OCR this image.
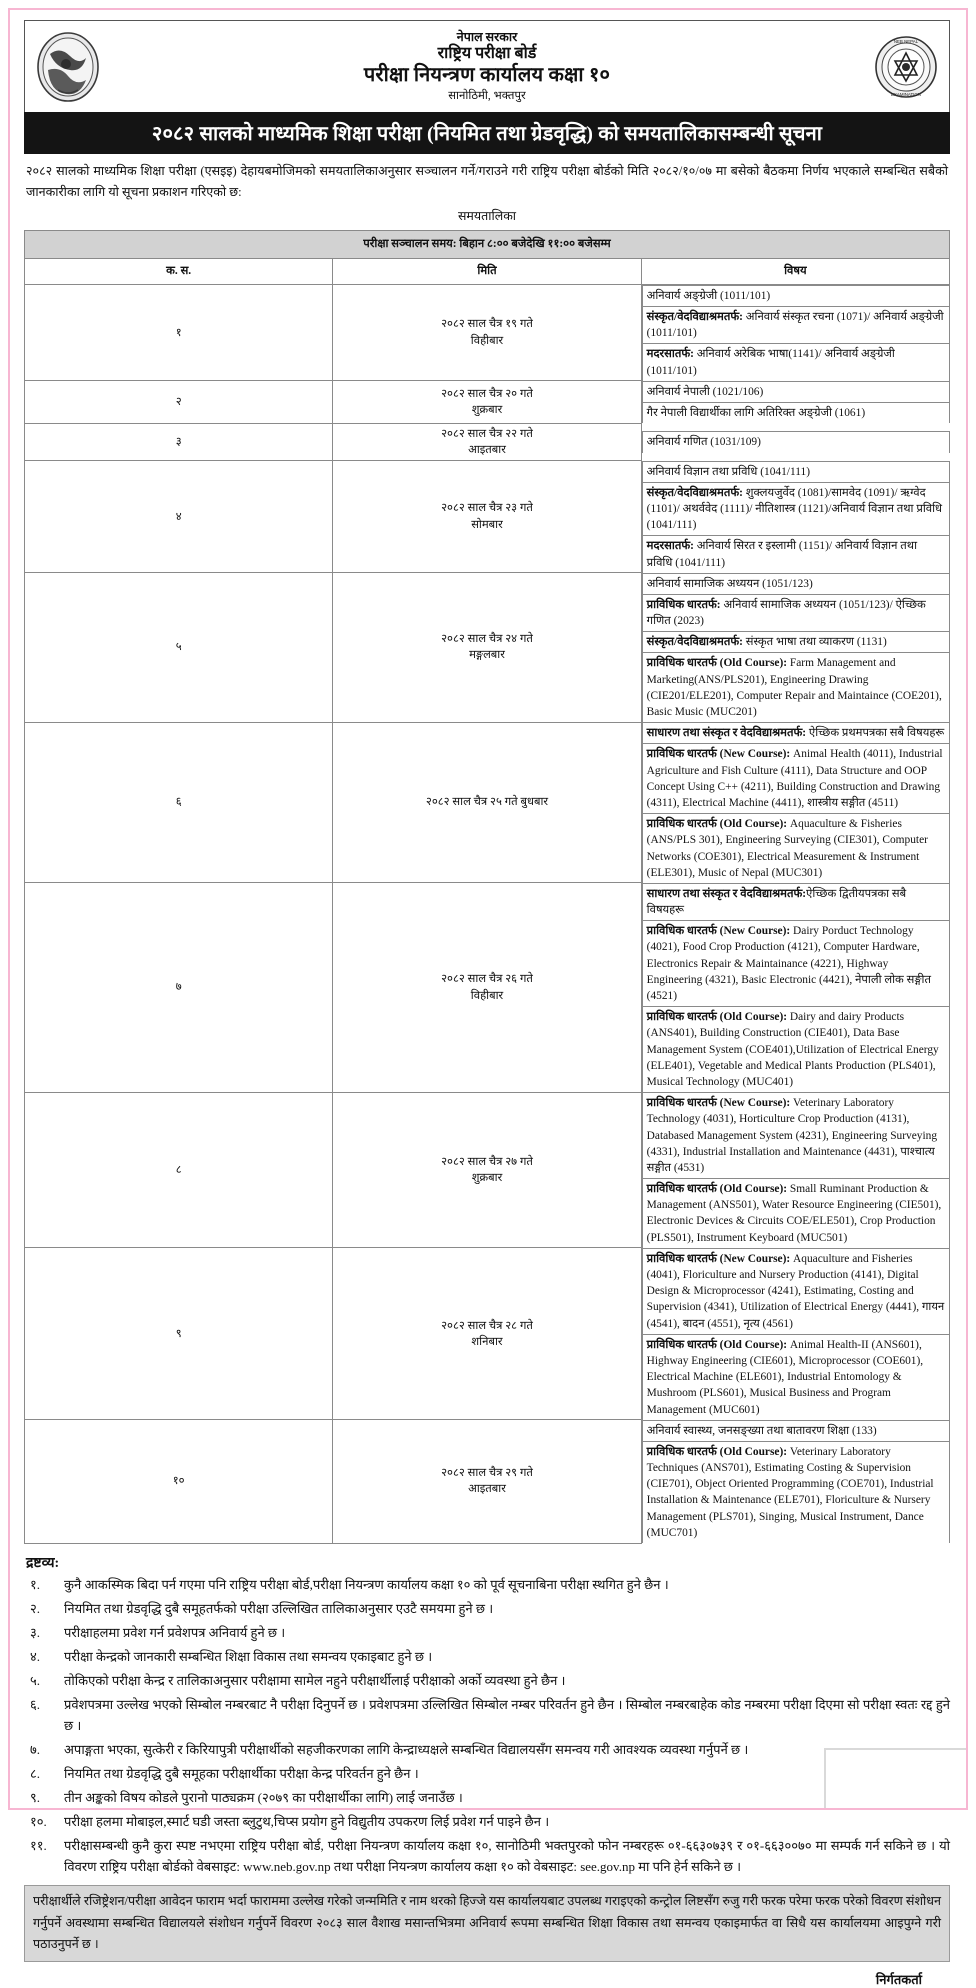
नेपाल सरकार
राष्ट्रिय परीक्षा बोर्ड
परीक्षा नियन्त्रण कार्यालय कक्षा १०
सानोठिमी, भक्तपुर
NEB NEPAL
EXAMINATION
२०८२ सालको माध्यमिक शिक्षा परीक्षा (नियमित तथा ग्रेडवृद्धि) को समयतालिकासम्बन्धी सूचना
२०८२ सालको माध्यमिक शिक्षा परीक्षा (एसइइ) देहायबमोजिमको समयतालिकाअनुसार सञ्चालन गर्ने/गराउने गरी राष्ट्रिय परीक्षा बोर्डको मिति २०८२/१०/०७ मा बसेको बैठकमा निर्णय भएकाले सम्बन्धित सबैको जानकारीका लागि यो सूचना प्रकाशन गरिएको छ:
समयतालिका
परीक्षा सञ्चालन समय: बिहान ८:०० बजेदेखि ११:०० बजेसम्म
क. स.	मिति	विषय
१	२०८२ साल चैत्र १९ गते
विहीबार	
अनिवार्य अङ्ग्रेजी (1011/101)
संस्कृत/वेदविद्याश्रमतर्फ: अनिवार्य संस्कृत रचना (1071)/ अनिवार्य अङ्ग्रेजी (1011/101)
मदरसातर्फ: अनिवार्य अरेबिक भाषा(1141)/ अनिवार्य अङ्ग्रेजी (1011/101)

२	२०८२ साल चैत्र २० गते
शुक्रबार	
अनिवार्य नेपाली (1021/106)
गैर नेपाली विद्यार्थीका लागि अतिरिक्त अङ्ग्रेजी (1061)

३	२०८२ साल चैत्र २२ गते
आइतबार	
अनिवार्य गणित (1031/109)

४	२०८२ साल चैत्र २३ गते
सोमबार	
अनिवार्य विज्ञान तथा प्रविधि (1041/111)
संस्कृत/वेदविद्याश्रमतर्फ: शुक्लयजुर्वेद (1081)/सामवेद (1091)/ ऋग्वेद (1101)/ अथर्ववेद (1111)/ नीतिशास्त्र (1121)/अनिवार्य विज्ञान तथा प्रविधि (1041/111)
मदरसातर्फ: अनिवार्य सिरत र इस्लामी (1151)/ अनिवार्य विज्ञान तथा प्रविधि (1041/111)

५	२०८२ साल चैत्र २४ गते
मङ्गलबार	
अनिवार्य सामाजिक अध्ययन (1051/123)
प्राविधिक धारतर्फ: अनिवार्य सामाजिक अध्ययन (1051/123)/ ऐच्छिक गणित (2023)
संस्कृत/वेदविद्याश्रमतर्फ: संस्कृत भाषा तथा व्याकरण (1131)
प्राविधिक धारतर्फ (Old Course): Farm Management and Marketing(ANS/PLS201), Engineering Drawing (CIE201/ELE201), Computer Repair and Maintaince (COE201), Basic Music (MUC201)

६	२०८२ साल चैत्र २५ गते बुधबार	
साधारण तथा संस्कृत र वेदविद्याश्रमतर्फ: ऐच्छिक प्रथमपत्रका सबै विषयहरू
प्राविधिक धारतर्फ (New Course): Animal Health (4011), Industrial Agriculture and Fish Culture (4111), Data Structure and OOP Concept Using C++ (4211), Building Construction and Drawing (4311), Electrical Machine (4411), शास्त्रीय सङ्गीत (4511)
प्राविधिक धारतर्फ (Old Course): Aquaculture & Fisheries (ANS/PLS 301), Engineering Surveying (CIE301), Computer Networks (COE301), Electrical Measurement & Instrument (ELE301), Music of Nepal (MUC301)

७	२०८२ साल चैत्र २६ गते
विहीबार	
साधारण तथा संस्कृत र वेदविद्याश्रमतर्फ:ऐच्छिक द्वितीयपत्रका सबै विषयहरू
प्राविधिक धारतर्फ (New Course): Dairy Porduct Technology (4021), Food Crop Production (4121), Computer Hardware, Electronics Repair & Maintainance (4221), Highway Engineering (4321), Basic Electronic (4421), नेपाली लोक सङ्गीत (4521)
प्राविधिक धारतर्फ (Old Course): Dairy and dairy Products (ANS401), Building Construction (CIE401), Data Base Management System (COE401),Utilization of Electrical Energy (ELE401), Vegetable and Medical Plants Production (PLS401), Musical Technology (MUC401)

८	२०८२ साल चैत्र २७ गते
शुक्रबार	
प्राविधिक धारतर्फ (New Course): Veterinary Laboratory Technology (4031), Horticulture Crop Production (4131), Databased Management System (4231), Engineering Surveying (4331), Industrial Installation and Maintenance (4431), पाश्चात्य सङ्गीत (4531)
प्राविधिक धारतर्फ (Old Course): Small Ruminant Production & Management (ANS501), Water Resource Engineering (CIE501), Electronic Devices & Circuits COE/ELE501), Crop Production (PLS501), Instrument Keyboard (MUC501)

९	२०८२ साल चैत्र २८ गते
शनिबार	
प्राविधिक धारतर्फ (New Course): Aquaculture and Fisheries (4041), Floriculture and Nursery Production (4141), Digital Design & Microprocessor (4241), Estimating, Costing and Supervision (4341), Utilization of Electrical Energy (4441), गायन (4541), बादन (4551), नृत्य (4561)
प्राविधिक धारतर्फ (Old Course): Animal Health-II (ANS601), Highway Engineering (CIE601), Microprocessor (COE601), Electrical Machine (ELE601), Industrial Entomology & Mushroom (PLS601), Musical Business and Program Management (MUC601)

१०	२०८२ साल चैत्र २९ गते
आइतबार	
अनिवार्य स्वास्थ्य, जनसङ्ख्या तथा बातावरण शिक्षा (133)
प्राविधिक धारतर्फ (Old Course): Veterinary Laboratory Techniques (ANS701), Estimating Costing & Supervision (CIE701), Object Oriented Programming (COE701), Industrial Installation & Maintenance (ELE701), Floriculture & Nursery Management (PLS701), Singing, Musical Instrument, Dance (MUC701)
द्रष्टव्य:
१.	कुनै आकस्मिक बिदा पर्न गएमा पनि राष्ट्रिय परीक्षा बोर्ड,परीक्षा नियन्त्रण कार्यालय कक्षा १० को पूर्व सूचनाबिना परीक्षा स्थगित हुने छैन ।
२.	नियमित तथा ग्रेडवृद्धि दुबै समूहतर्फको परीक्षा उल्लिखित तालिकाअनुसार एउटै समयमा हुने छ ।
३.	परीक्षाहलमा प्रवेश गर्न प्रवेशपत्र अनिवार्य हुने छ ।
४.	परीक्षा केन्द्रको जानकारी सम्बन्धित शिक्षा विकास तथा समन्वय एकाइबाट हुने छ ।
५.	तोकिएको परीक्षा केन्द्र र तालिकाअनुसार परीक्षामा सामेल नहुने परीक्षार्थीलाई परीक्षाको अर्को व्यवस्था हुने छैन ।
६.	प्रवेशपत्रमा उल्लेख भएको सिम्बोल नम्बरबाट नै परीक्षा दिनुपर्ने छ । प्रवेशपत्रमा उल्लिखित सिम्बोल नम्बर परिवर्तन हुने छैन । सिम्बोल नम्बरबाहेक कोड नम्बरमा परीक्षा दिएमा सो परीक्षा स्वतः रद्द हुने छ ।
७.	अपाङ्गता भएका, सुत्केरी र किरियापुत्री परीक्षार्थीको सहजीकरणका लागि केन्द्राध्यक्षले सम्बन्धित विद्यालयसँग समन्वय गरी आवश्यक व्यवस्था गर्नुपर्ने छ ।
८.	नियमित तथा ग्रेडवृद्धि दुबै समूहका परीक्षार्थीका परीक्षा केन्द्र परिवर्तन हुने छैन ।
९.	तीन अङ्कको विषय कोडले पुरानो पाठ्यक्रम (२०७९ का परीक्षार्थीका लागि) लाई जनाउँछ ।
१०.	परीक्षा हलमा मोबाइल,स्मार्ट घडी जस्ता ब्लुटुथ,चिप्स प्रयोग हुने विद्युतीय उपकरण लिई प्रवेश गर्न पाइने छैन ।
११.	परीक्षासम्बन्धी कुनै कुरा स्पष्ट नभएमा राष्ट्रिय परीक्षा बोर्ड, परीक्षा नियन्त्रण कार्यालय कक्षा १०, सानोठिमी भक्तपुरको फोन नम्बरहरू ०१-६६३०७३९ र ०१-६६३००७० मा सम्पर्क गर्न सकिने छ । यो विवरण राष्ट्रिय परीक्षा बोर्डको वेबसाइट: www.neb.gov.np तथा परीक्षा नियन्त्रण कार्यालय कक्षा १० को वेबसाइट: see.gov.np मा पनि हेर्न सकिने छ ।
परीक्षार्थीले रजिष्ट्रेशन/परीक्षा आवेदन फाराम भर्दा फाराममा उल्लेख गरेको जन्ममिति र नाम थरको हिज्जे यस कार्यालयबाट उपलब्ध गराइएको कन्ट्रोल लिष्टसँग रुजु गरी फरक परेमा फरक परेको विवरण संशोधन गर्नुपर्ने अवस्थामा सम्बन्धित विद्यालयले संशोधन गर्नुपर्ने विवरण २०८३ साल वैशाख मसान्तभित्रमा अनिवार्य रूपमा सम्बन्धित शिक्षा विकास तथा समन्वय एकाइमार्फत वा सिधै यस कार्यालयमा आइपुग्ने गरी पठाउनुपर्ने छ ।
निर्गतकर्ता
